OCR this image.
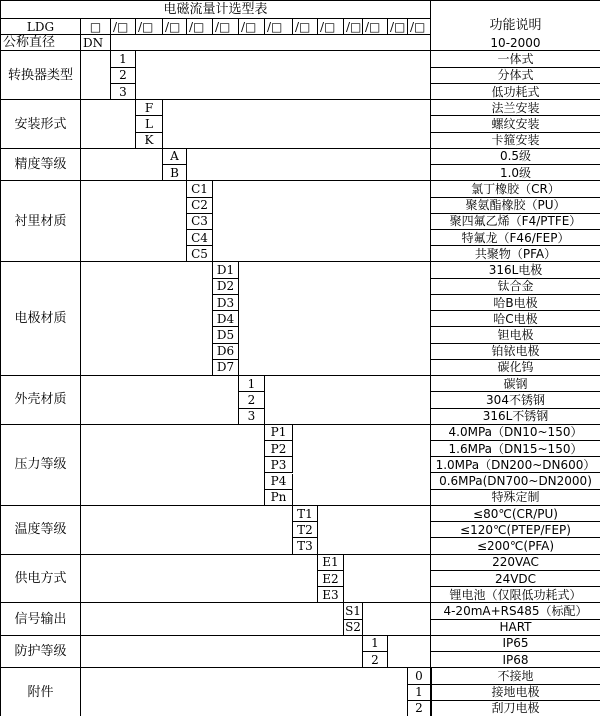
电磁流量计选型表
功能说明
LDG	□ /□ /□ /□ /□ /□ /□ /□	/□ /□ /□ /□ /□ /□
公称直径	DN	10-2000
转换器类型
1	一体式
2	分体式
3	低功耗式
安装形式
F	法兰安装
L	螺纹安装
K	卡箍安装
精度等级
A	0.5级
B	1.0级
衬里材质
C1	氯丁橡胶（CR）
C2	聚氨酯橡胶（PU）
C3	聚四氟乙烯（F4/PTFE）
C4	特氟龙（F46/FEP）
C5	共聚物（PFA）
电极材质
D1	316L电极
D2	钛合金
D3	哈B电极
D4	哈C电极
D5	钽电极
D6	铂铱电极
D7	碳化钨
外壳材质
1	碳钢
2	304不锈钢
3	316L不锈钢
压力等级
P1	4.0MPa（DN10~150）
P2	1.6MPa（DN15~150）
P3	1.0MPa（DN200~DN600）
P4	0.6MPa(DN700~DN2000)
Pn	特殊定制
温度等级
T1	≤80℃(CR/PU)
T2	≤120℃(PTEP/FEP)
T3	≤200℃(PFA)
供电方式
E1	220VAC
E2	24VDC
E3	锂电池（仅限低功耗式）
信号输出
S1	4-20mA+RS485（标配）
S2	HART
防护等级
1	IP65
2	IP68
附件
0	不接地
1	接地电极
2	刮刀电极
